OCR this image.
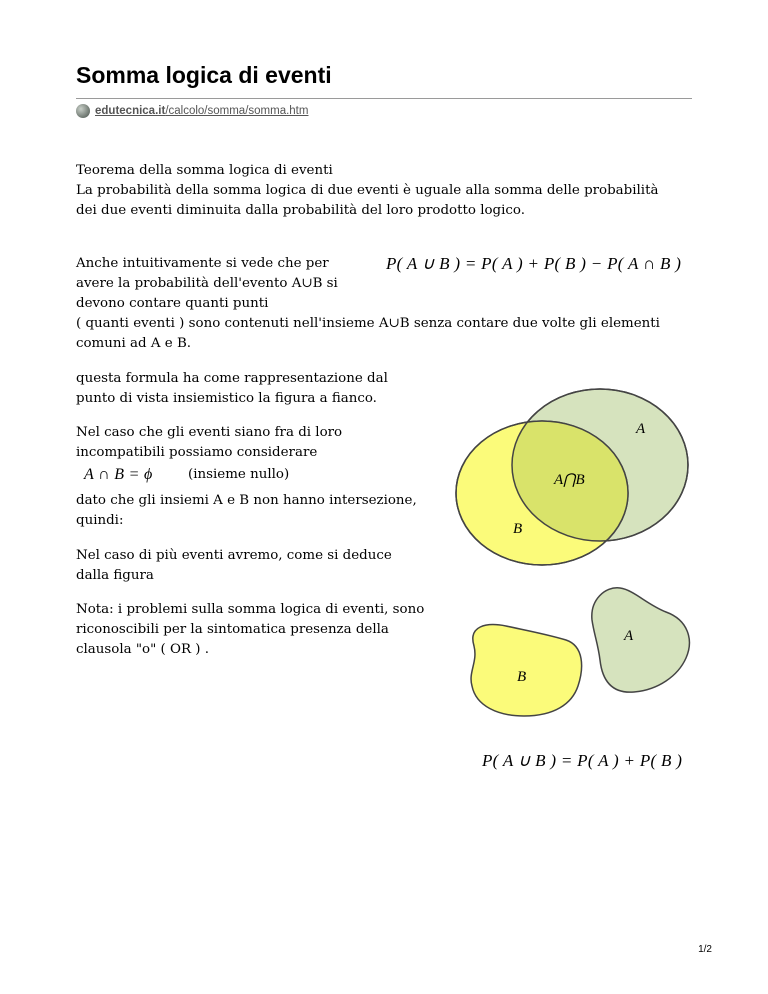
Somma logica di eventi
edutecnica.it/calcolo/somma/somma.htm

Teorema della somma logica di eventi

La probabilità della somma logica di due eventi è uguale alla somma delle probabilità

dei due eventi diminuita dalla probabilità del loro prodotto logico.

Anche intuitivamente si vede che per

avere la probabilità dell'evento A∪B si

devono contare quanti punti

( quanti eventi ) sono contenuti nell'insieme A∪B senza contare due volte gli elementi

comuni ad A e B.

P( A ∪ B ) = P( A ) + P( B ) − P( A ∩ B )

questa formula ha come rappresentazione dal

punto di vista insiemistico la figura a fianco.

Nel caso che gli eventi siano fra di loro

incompatibili possiamo considerare

A ∩ B = ϕ	(insieme nullo)

dato che gli insiemi A e B non hanno intersezione,

quindi:

Nel caso di più eventi avremo, come si deduce

dalla figura

Nota: i problemi sulla somma logica di eventi, sono

riconoscibili per la sintomatica presenza della

clausola "o" ( OR ) .

A
A⋂B
B
A
B
P( A ∪ B ) = P( A ) + P( B )
1/2
